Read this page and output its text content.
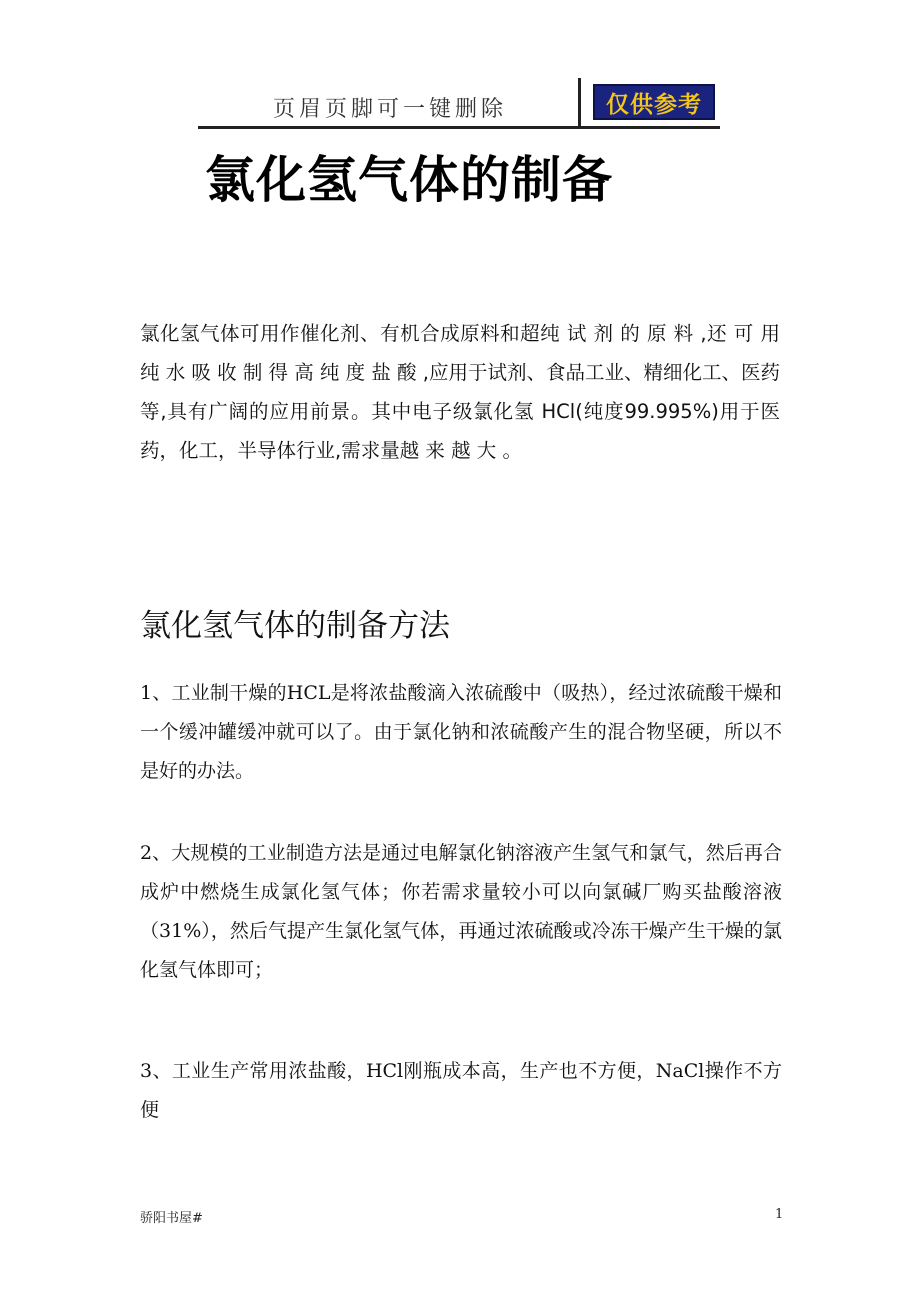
页眉页脚可一键删除	仅供参考
氯化氢气体的制备

氯化氢气体可用作催化剂、有机合成原料和超纯 试 剂 的 原 料 ,还 可 用 纯 水 吸 收 制 得 高 纯 度 盐 酸 ,应用于试剂、食品工业、精细化工、医药等,具有广阔的应用前景。其中电子级氯化氢 HCl(纯度99.995%)用于医药，化工，半导体行业,需求量越 来 越 大 。

氯化氢气体的制备方法

1、工业制干燥的HCL是将浓盐酸滴入浓硫酸中（吸热），经过浓硫酸干燥和一个缓冲罐缓冲就可以了。由于氯化钠和浓硫酸产生的混合物坚硬，所以不是好的办法。

2、大规模的工业制造方法是通过电解氯化钠溶液产生氢气和氯气，然后再合成炉中燃烧生成氯化氢气体；你若需求量较小可以向氯碱厂购买盐酸溶液（31%），然后气提产生氯化氢气体，再通过浓硫酸或冷冻干燥产生干燥的氯化氢气体即可；

3、工业生产常用浓盐酸，HCl刚瓶成本高，生产也不方便，NaCl操作不方便

骄阳书屋#	1
